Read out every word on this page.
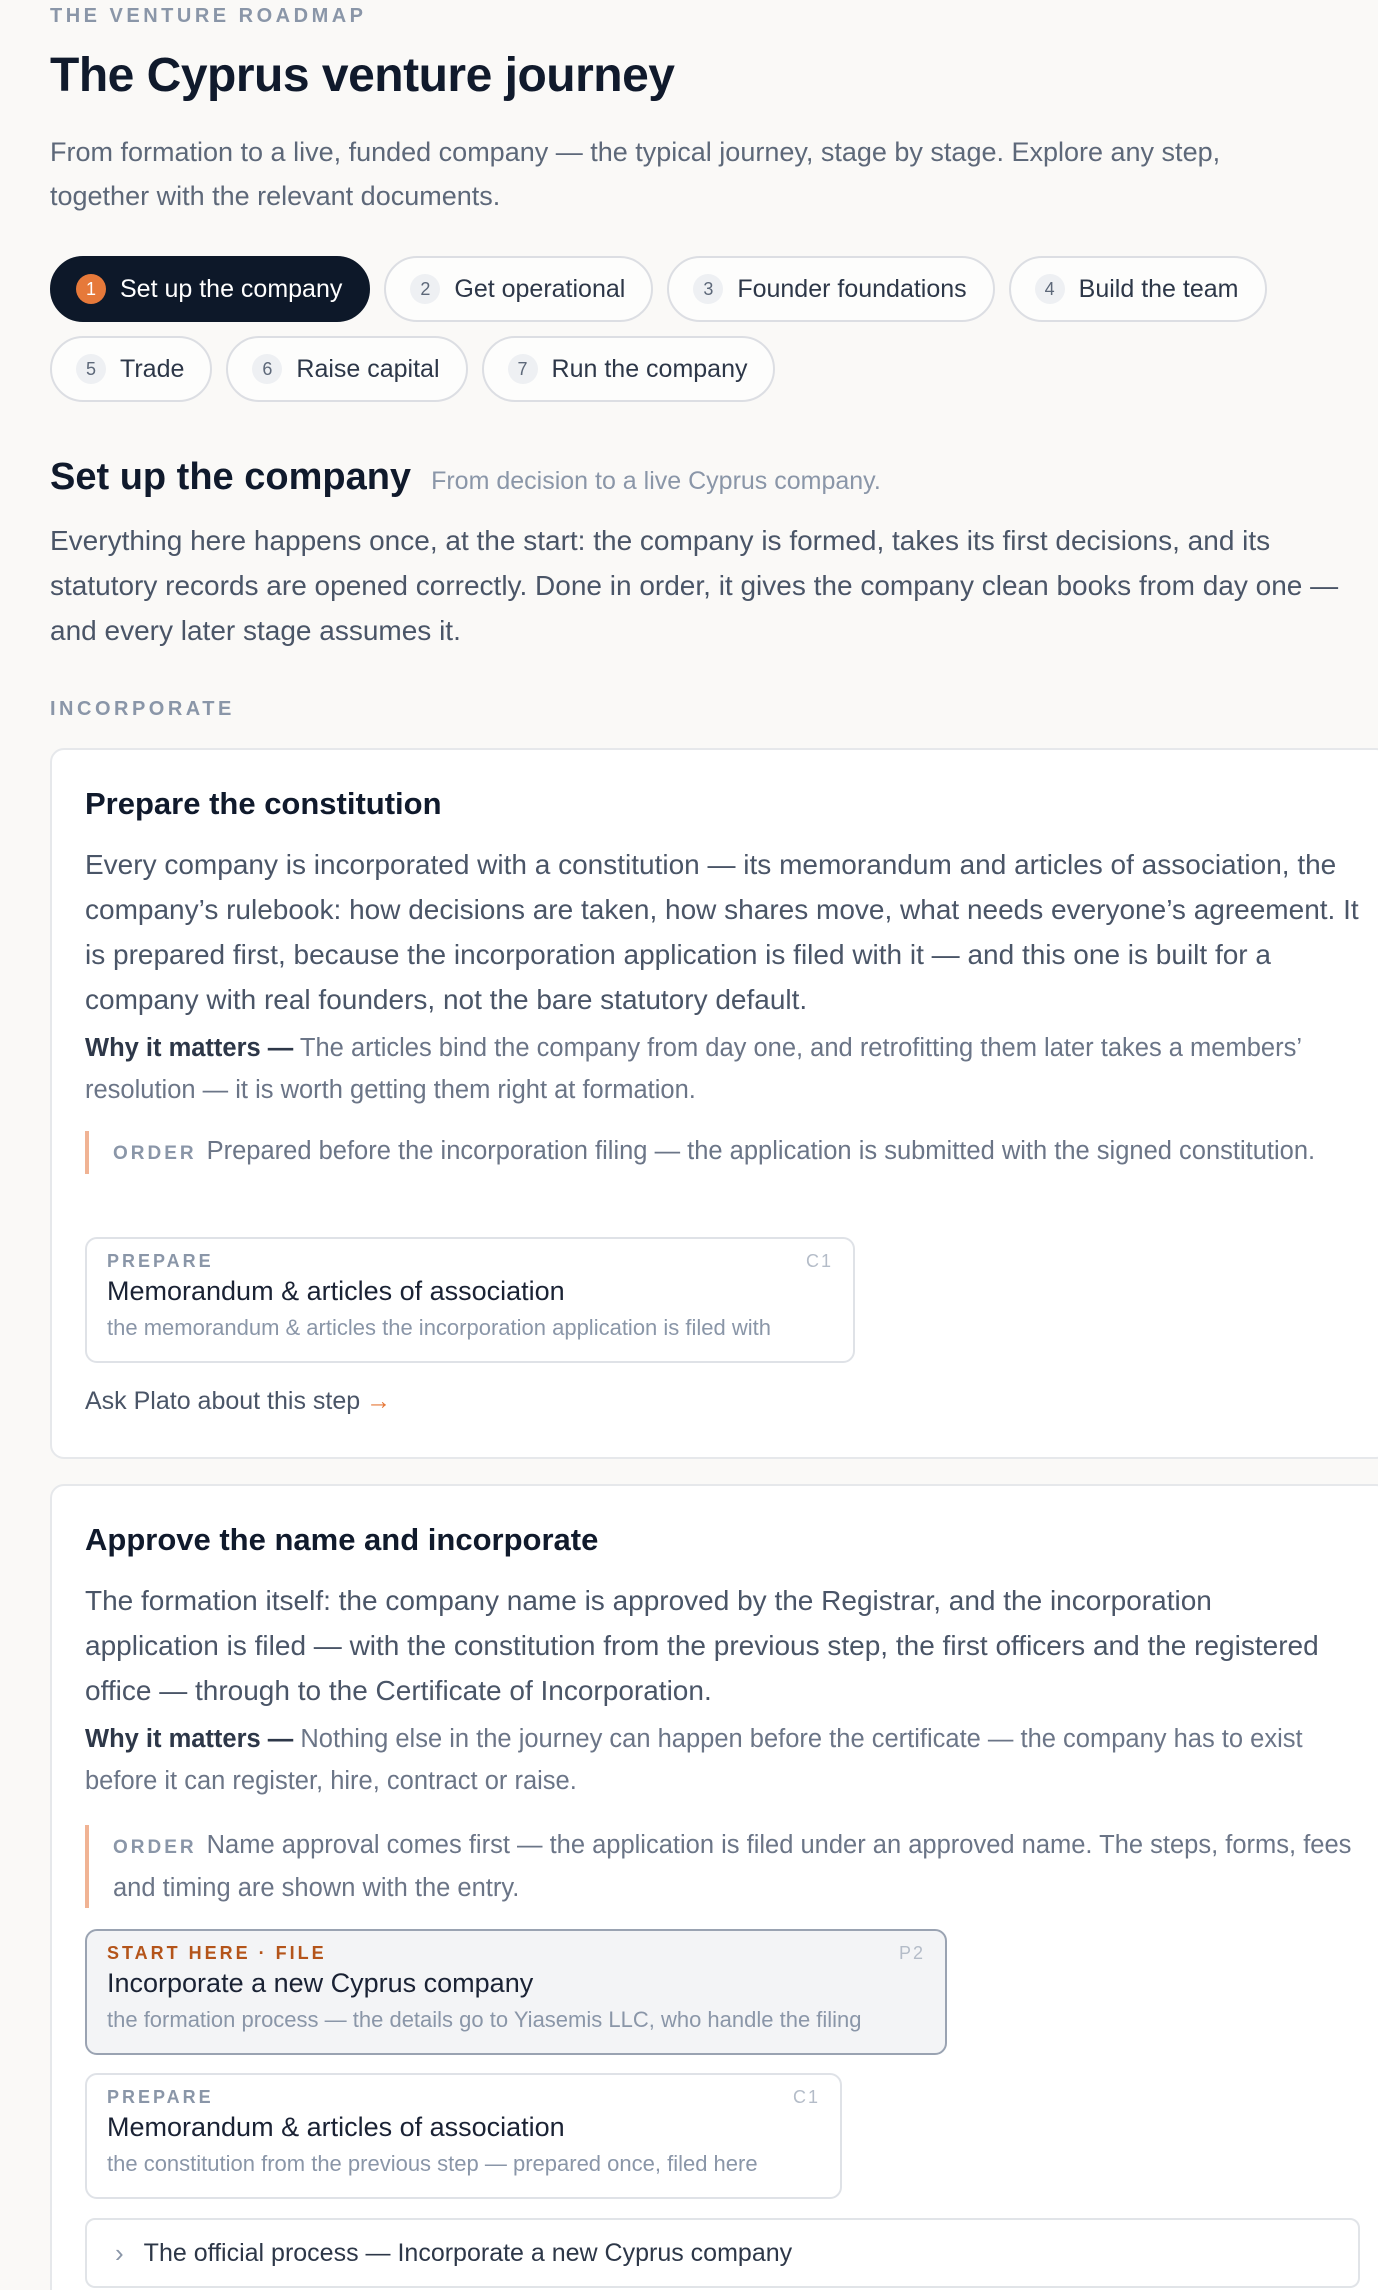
THE VENTURE ROADMAP
The Cyprus venture journey

From formation to a live, funded company — the typical journey, stage by stage. Explore any step, together with the relevant documents.

1 Set up the company	2 Get operational	3 Founder foundations	4 Build the team
5 Trade	6 Raise capital	7 Run the company
Set up the company From decision to a live Cyprus company.

Everything here happens once, at the start: the company is formed, takes its first decisions, and its statutory records are opened correctly. Done in order, it gives the company clean books from day one — and every later stage assumes it.

INCORPORATE
Prepare the constitution

Every company is incorporated with a constitution — its memorandum and articles of association, the company’s rulebook: how decisions are taken, how shares move, what needs everyone’s agreement. It is prepared first, because the incorporation application is filed with it — and this one is built for a company with real founders, not the bare statutory default.

Why it matters — The articles bind the company from day one, and retrofitting them later takes a members’ resolution — it is worth getting them right at formation.

ORDER Prepared before the incorporation filing — the application is submitted with the signed constitution.

PREPARE	C1
Memorandum & articles of association
the memorandum & articles the incorporation application is filed with
Ask Plato about this step →
Approve the name and incorporate

The formation itself: the company name is approved by the Registrar, and the incorporation application is filed — with the constitution from the previous step, the first officers and the registered office — through to the Certificate of Incorporation.

Why it matters — Nothing else in the journey can happen before the certificate — the company has to exist before it can register, hire, contract or raise.

ORDER Name approval comes first — the application is filed under an approved name. The steps, forms, fees and timing are shown with the entry.

START HERE · FILE	P2
Incorporate a new Cyprus company
the formation process — the details go to Yiasemis LLC, who handle the filing
PREPARE	C1
Memorandum & articles of association
the constitution from the previous step — prepared once, filed here
› The official process — Incorporate a new Cyprus company
